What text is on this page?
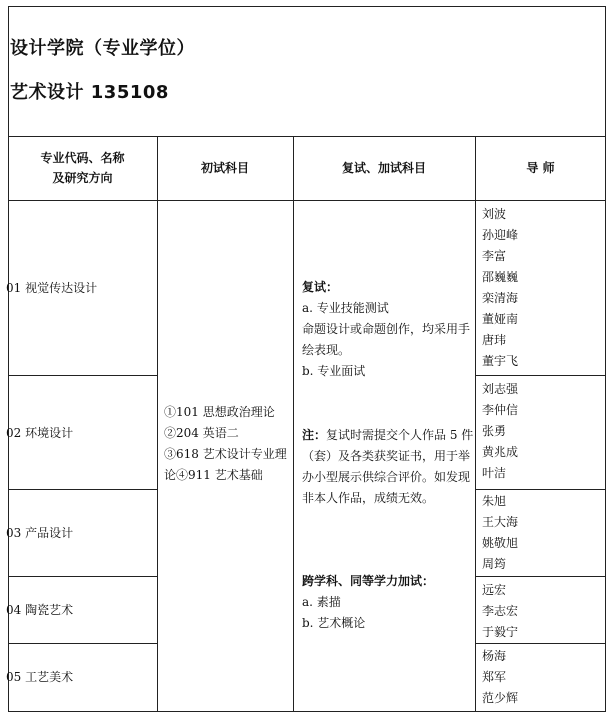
设计学院（专业学位）
艺术设计 135108
专业代码、名称
及研究方向
初试科目	复试、加试科目	导 师
01 视觉传达设计
02 环境设计
03 产品设计
04 陶瓷艺术
05 工艺美术
①101 思想政治理论
②204 英语二
③618 艺术设计专业理
论④911 艺术基础
复试：
a. 专业技能测试
命题设计或命题创作，均采用手
绘表现。
b. 专业面试
注：复试时需提交个人作品 5 件
（套）及各类获奖证书，用于举
办小型展示供综合评价。如发现
非本人作品，成绩无效。
跨学科、同等学力加试：
a. 素描
b. 艺术概论
刘波
孙迎峰
李富
邵巍巍
栾清海
董娅南
唐玮
董宇飞
刘志强
李仲信
张勇
黄兆成
叶洁
朱旭
王大海
姚敬旭
周筠
远宏
李志宏
于毅宁
杨海
郑军
范少辉
